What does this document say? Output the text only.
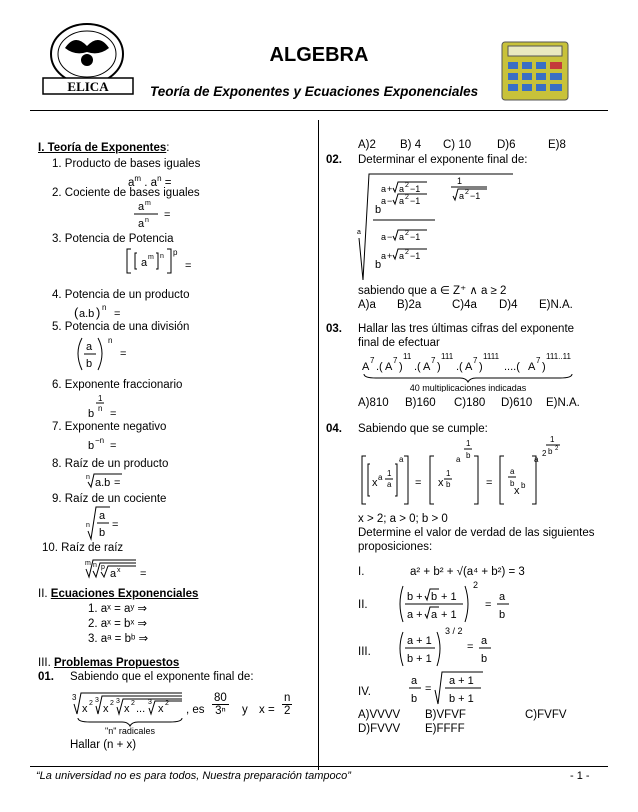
ELICA
ALGEBRA
Teoría de Exponentes y Ecuaciones Exponenciales
I. Teoría de Exponentes:
1. Producto de bases iguales
$a^m$ . $a^n$ =
2. Cociente de bases iguales
a m
a n =
3. Potencia de Potencia
a m n p
=
4. Potencia de un producto
( a.b ) n
=
5. Potencia de una división
a
b
n
=
6. Exponente fraccionario
1
n
b =
7. Exponente negativo
b −n =
8. Raíz de un producto
n a.b =
9. Raíz de un cociente
n
a
b
=
10. Raíz de raíz
m n p
a x =
II. Ecuaciones Exponenciales
1. aˣ = aʸ ⇒
2. aˣ = bˣ ⇒
3. aᵃ = bᵇ ⇒
III. Problemas Propuestos
01. Sabiendo que el exponente final de:
3
x 2 3
x 2 3
x 2 ...
3
x 2
"n" radicales
, es $\frac{80}{\text{3ⁿ}}$ y $x = \frac{n}{2}$
Hallar (n + x)
A)2 B) 4 C) 10 D)6	E)8
02. Determinar el exponente final de:
a
1
a 2 −1
a + a 2 −1
b
a − a 2 −1
a − a 2 −1
b
a + a 2 −1
sabiendo que a ∈ Z⁺ ∧ a ≥ 2
A)a B)2a	C)4a D)4 E)N.A.
03. Hallar las tres últimas cifras del exponente
final de efectuar
A
7
.( A
7
)
11
.( A
7
)
111
.( A
7
)
1111
....( A
7
)
111..11
40 multiplicaciones indicadas
A)810 B)160 C)180 D)610 E)N.A.
04. Sabiendo que se cumple:
x a 1
a
a
= x
1
b
a
1
b
=
a
b
x b
a
2
1
b 2
x > 2; a > 0; b > 0
Determine el valor de verdad de las siguientes
proposiciones:
I.	a² + b² + √(a⁴ + b²) = 3
II.
b + b + 1
a + a + 1
2
=
a
b
III.
a + 1
b + 1
3 / 2
= a
b
IV.
a
b
=
a + 1
b + 1
A)VVVV B)VFVF	C)FVFV
D)FVVV E)FFFF
“La universidad no es para todos, Nuestra preparación tampoco”	- 1 -
